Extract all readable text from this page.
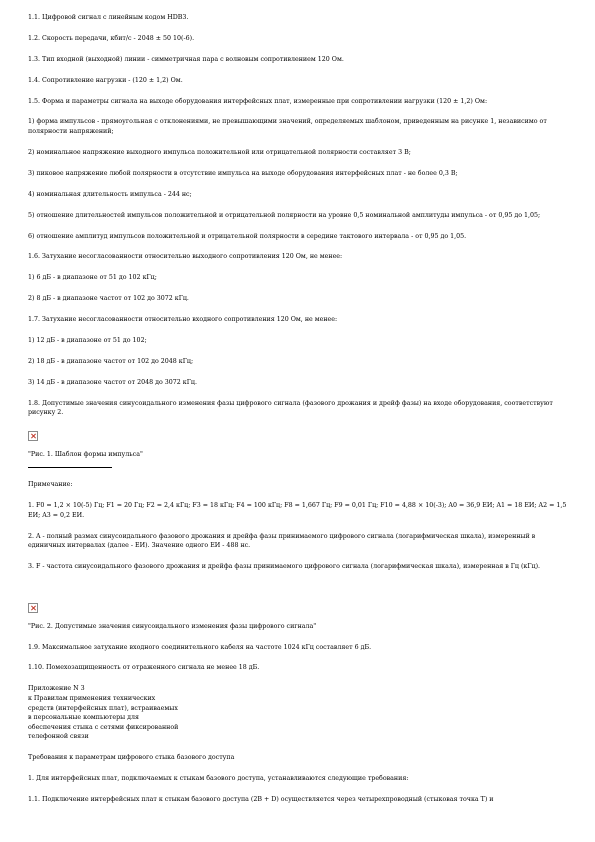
1.1. Цифровой сигнал с линейным кодом HDB3.
1.2. Скорость передачи, кбит/с - 2048 ± 50 10(-6).
1.3. Тип входной (выходной) линии - симметричная пара с волновым сопротивлением 120 Ом.
1.4. Сопротивление нагрузки - (120 ± 1,2) Ом.
1.5. Форма и параметры сигнала на выходе оборудования интерфейсных плат, измеренные при сопротивлении нагрузки (120 ± 1,2) Ом:
1) форма импульсов - прямоугольная с отклонениями, не превышающими значений, определяемых шаблоном, приведенным на рисунке 1, независимо от полярности напряжений;
2) номинальное напряжение выходного импульса положительной или отрицательной полярности составляет 3 В;
3) пиковое напряжение любой полярности в отсутствие импульса на выходе оборудования интерфейсных плат - не более 0,3 В;
4) номинальная длительность импульса - 244 нс;
5) отношение длительностей импульсов положительной и отрицательной полярности на уровне 0,5 номинальной амплитуды импульса - от 0,95 до 1,05;
6) отношение амплитуд импульсов положительной и отрицательной полярности в середине тактового интервала - от 0,95 до 1,05.
1.6. Затухание несогласованности относительно выходного сопротивления 120 Ом, не менее:
1) 6 дБ - в диапазоне от 51 до 102 кГц;
2) 8 дБ - в диапазоне частот от 102 до 3072 кГц.
1.7. Затухание несогласованности относительно входного сопротивления 120 Ом, не менее:
1) 12 дБ - в диапазоне от 51 до 102;
2) 18 дБ - в диапазоне частот от 102 до 2048 кГц;
3) 14 дБ - в диапазоне частот от 2048 до 3072 кГц.
1.8. Допустимые значения синусоидального изменения фазы цифрового сигнала (фазового дрожания и дрейф фазы) на входе оборудования, соответствуют рисунку 2.
"Рис. 1. Шаблон формы импульса"
Примечание:
1. F0 = 1,2 × 10(-5) Гц; F1 = 20 Гц; F2 = 2,4 кГц; F3 = 18 кГц; F4 = 100 кГц; F8 = 1,667 Гц; F9 = 0,01 Гц; F10 = 4,88 × 10(-3); A0 = 36,9 ЕИ; A1 = 18 ЕИ; A2 = 1,5 ЕИ; A3 = 0,2 ЕИ.
2. A - полный размах синусоидального фазового дрожания и дрейфа фазы принимаемого цифрового сигнала (логарифмическая шкала), измеренный в единичных интервалах (далее - ЕИ). Значение одного ЕИ - 488 нс.
3. F - частота синусоидального фазового дрожания и дрейфа фазы принимаемого цифрового сигнала (логарифмическая шкала), измеренная в Гц (кГц).
"Рис. 2. Допустимые значения синусоидального изменения фазы цифрового сигнала"
1.9. Максимальное затухание входного соединительного кабеля на частоте 1024 кГц составляет 6 дБ.
1.10. Помехозащищенность от отраженного сигнала не менее 18 дБ.
Приложение N 3
к Правилам применения технических
средств (интерфейсных плат), встраиваемых
в персональные компьютеры для
обеспечения стыка с сетями фиксированной
телефонной связи
Требования к параметрам цифрового стыка базового доступа
1. Для интерфейсных плат, подключаемых к стыкам базового доступа, устанавливаются следующие требования:
1.1. Подключение интерфейсных плат к стыкам базового доступа (2B + D) осуществляется через четырехпроводный (стыковая точка T) и
